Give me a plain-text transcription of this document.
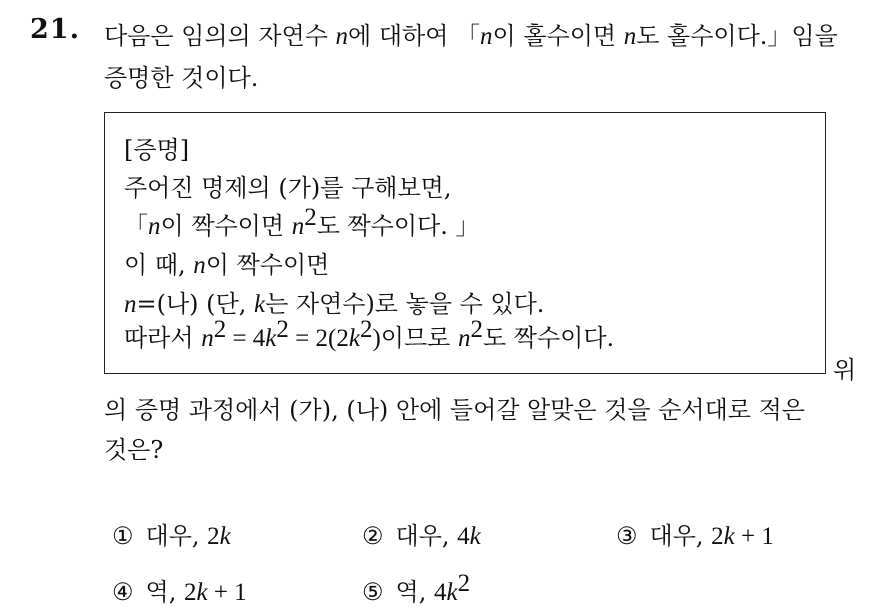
21. 다음은 임의의 자연수 n에 대하여 「n이 홀수이면 n도 홀수이다.」임을
증명한 것이다.
[증명]
주어진 명제의 (가)를 구해보면,
「n이 짝수이면 $n^2$도 짝수이다. 」
이 때, n이 짝수이면
n=(나) (단, k는 자연수)로 놓을 수 있다.
따라서 $n^2 = 4k^2 = 2(2k^2)$이므로 $n^2$도 짝수이다.
위
의 증명 과정에서 (가), (나) 안에 들어갈 알맞은 것을 순서대로 적은
것은?
① 대우, 2k	② 대우, 4k	③ 대우, 2k + 1
④ 역, 2k + 1	⑤ 역, $4k^2$
